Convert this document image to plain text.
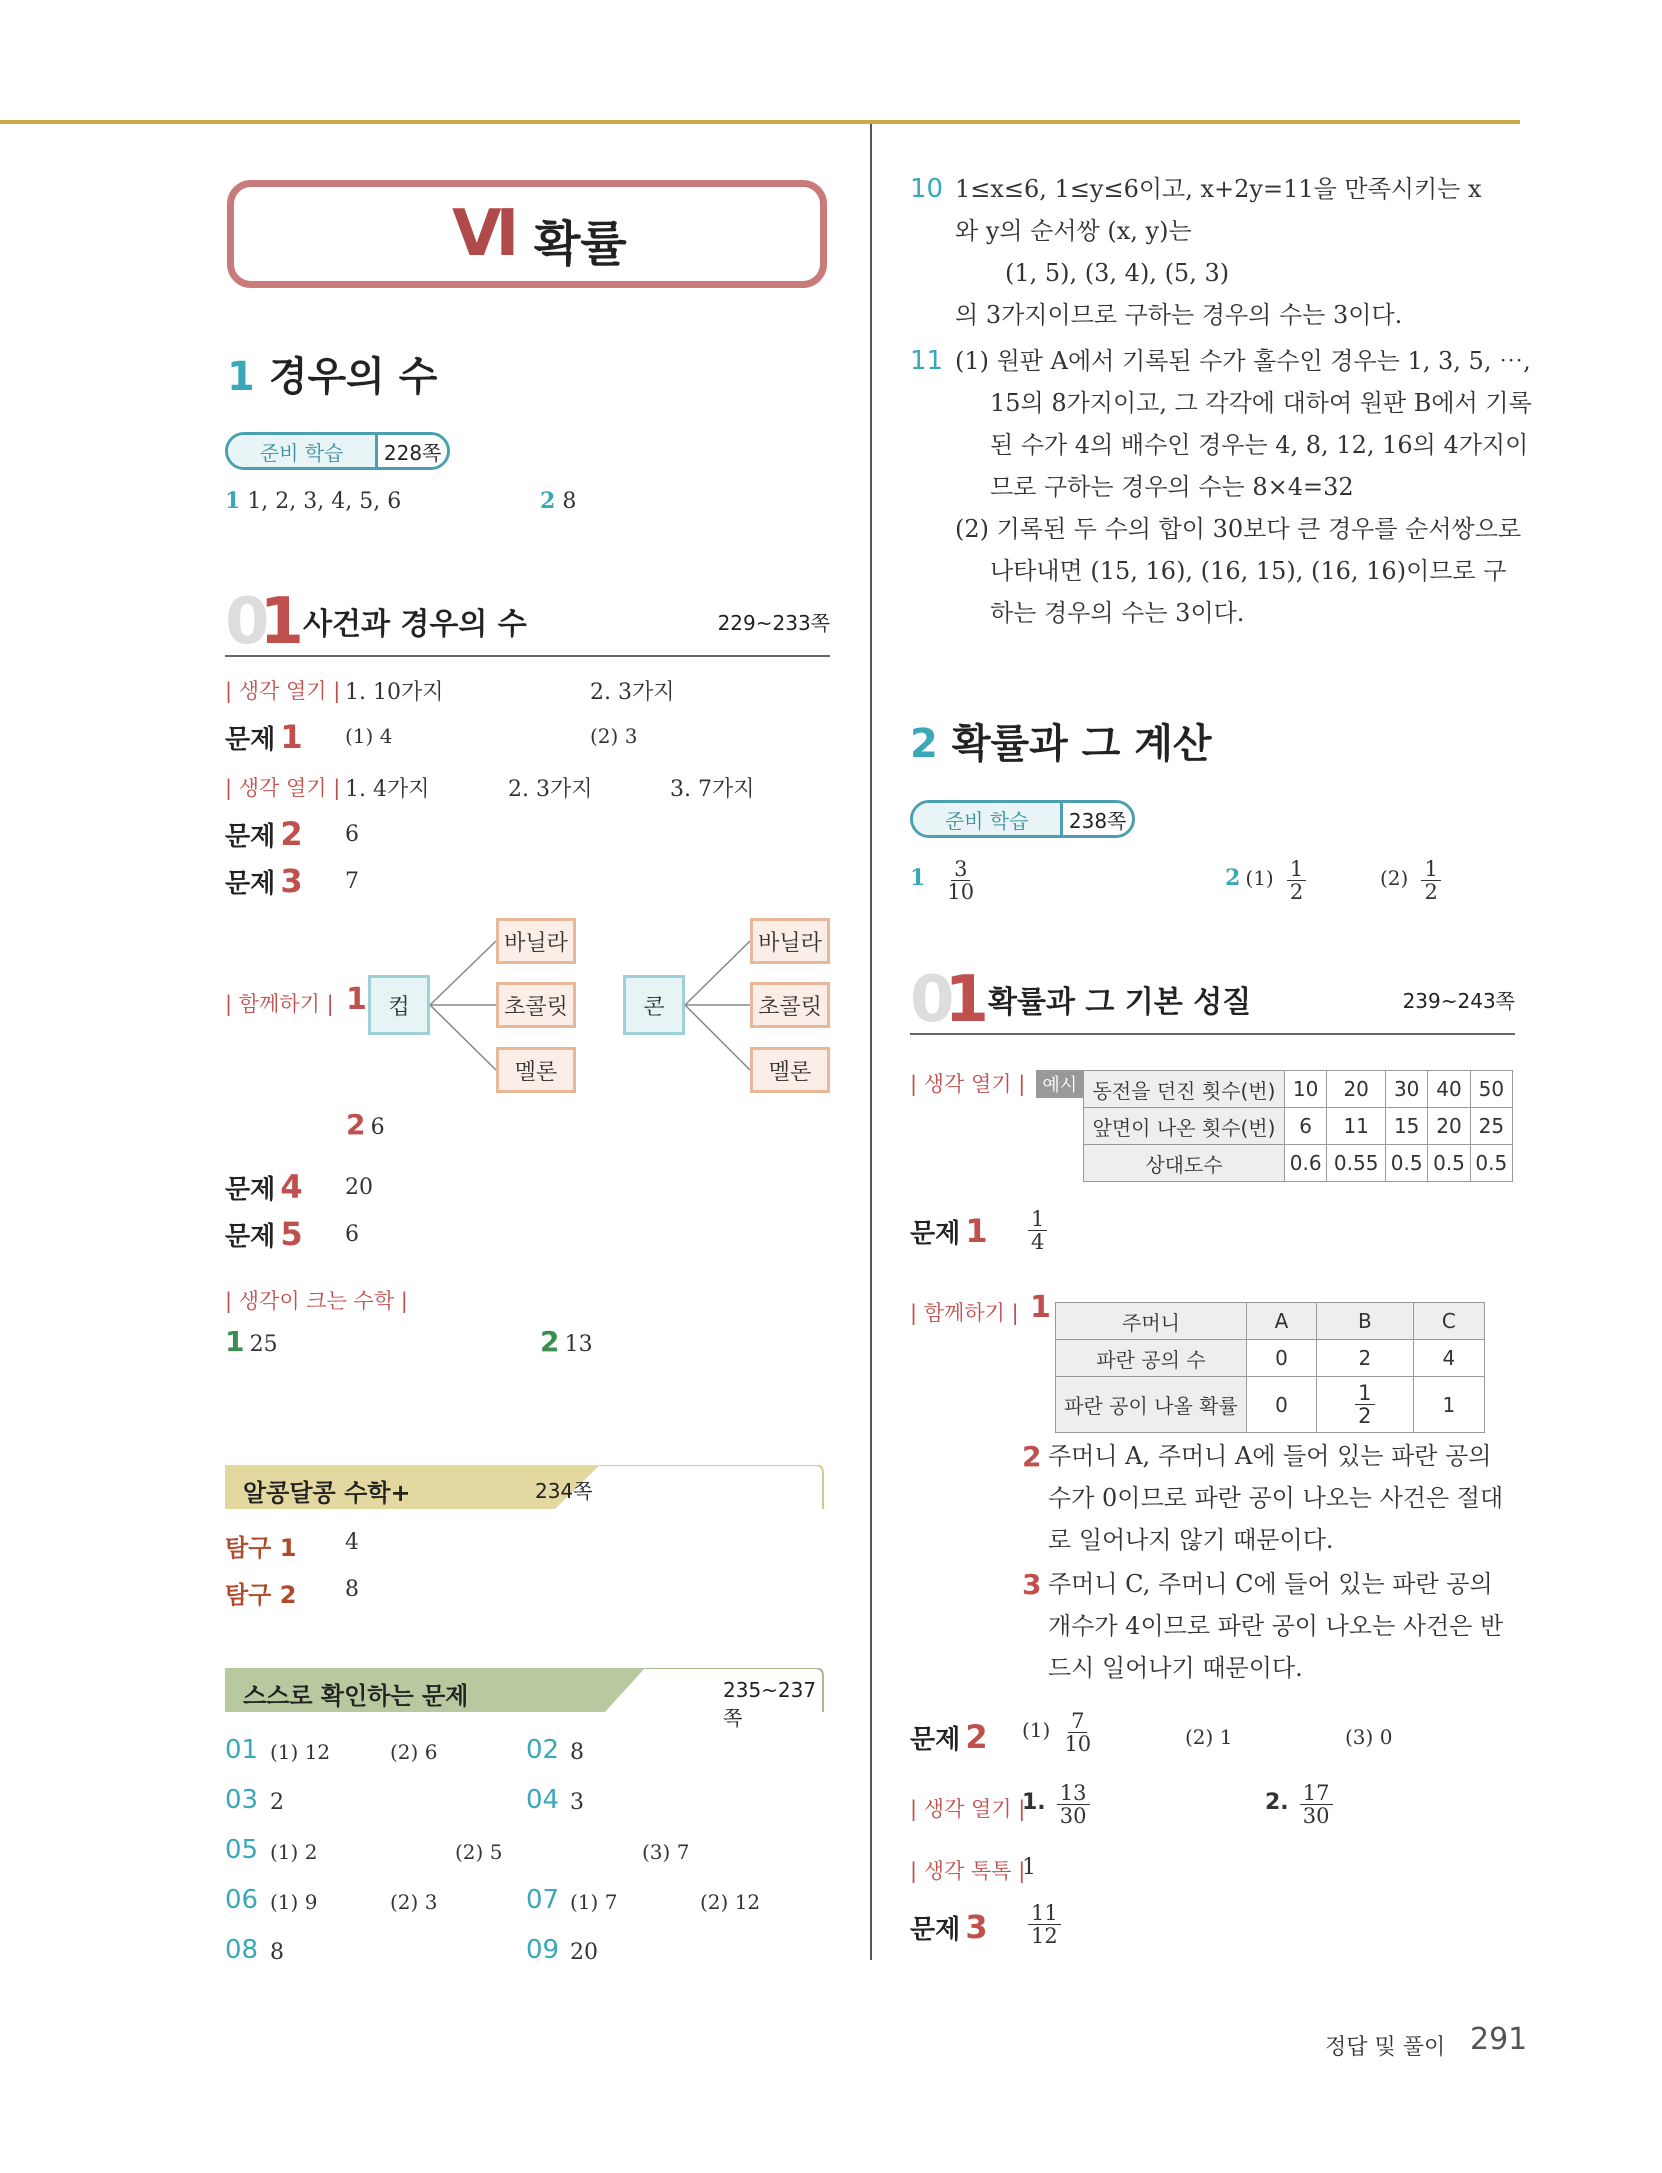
VI 확률
1 경우의 수
준비 학습	228쪽
1 1, 2, 3, 4, 5, 6	2 8
01 사건과 경우의 수	229~233쪽
| 생각 열기 | 1. 10가지	2. 3가지
문제 1 (1) 4	(2) 3
| 생각 열기 | 1. 4가지	2. 3가지	3. 7가지
문제 2 6
문제 3 7
| 함께하기 | 1 컵
바닐라
초콜릿
멜론
콘
바닐라
초콜릿
멜론
2 6
문제 4 20
문제 5 6
| 생각이 크는 수학 |
1 25	2 13
알콩달콩 수학+	234쪽
탐구 1 4
탐구 2 8
스스로 확인하는 문제	235~237쪽
01 (1) 12	(2) 6	02 8
03 2	04 3
05 (1) 2	(2) 5	(3) 7
06 (1) 9	(2) 3	07 (1) 7	(2) 12
08 8	09 20
10 1≤x≤6, 1≤y≤6이고, x+2y=11을 만족시키는 x
와 y의 순서쌍 (x, y)는
(1, 5), (3, 4), (5, 3)
의 3가지이므로 구하는 경우의 수는 3이다.
11 (1) 원판 A에서 기록된 수가 홀수인 경우는 1, 3, 5, ⋯,
15의 8가지이고, 그 각각에 대하여 원판 B에서 기록
된 수가 4의 배수인 경우는 4, 8, 12, 16의 4가지이
므로 구하는 경우의 수는 8×4=32
(2) 기록된 두 수의 합이 30보다 큰 경우를 순서쌍으로
나타내면 (15, 16), (16, 15), (16, 16)이므로 구
하는 경우의 수는 3이다.
2 확률과 그 계산
준비 학습	238쪽
$1 \frac{3}{10}$	2 $(1) \frac{1}{2}$	$(2) \frac{1}{2}$
01 확률과 그 기본 성질	239~243쪽
| 생각 열기 | 예시 동전을 던진 횟수(번)	10	20	30	40	50
앞면이 나온 횟수(번)	6	11	15	20	25
상대도수	0.6	0.55	0.5	0.5	0.5
문제 $1 \frac{1}{4}$
| 함께하기 | 1	주머니	A	B	C
파란 공의 수	0	2	4
파란 공이 나올 확률	0	$\frac{1}{2}$	1
2 주머니 A, 주머니 A에 들어 있는 파란 공의
수가 0이므로 파란 공이 나오는 사건은 절대
로 일어나지 않기 때문이다.
3 주머니 C, 주머니 C에 들어 있는 파란 공의
개수가 4이므로 파란 공이 나오는 사건은 반
드시 일어나기 때문이다.
문제 2 $(1) \frac{7}{10}$	(2) 1	(3) 0
| 생각 열기 |
1. $\frac{13}{30}$	2. $\frac{17}{30}$
| 생각 톡톡 |
1
문제 $3 \frac{11}{12}$
정답 및 풀이 291
